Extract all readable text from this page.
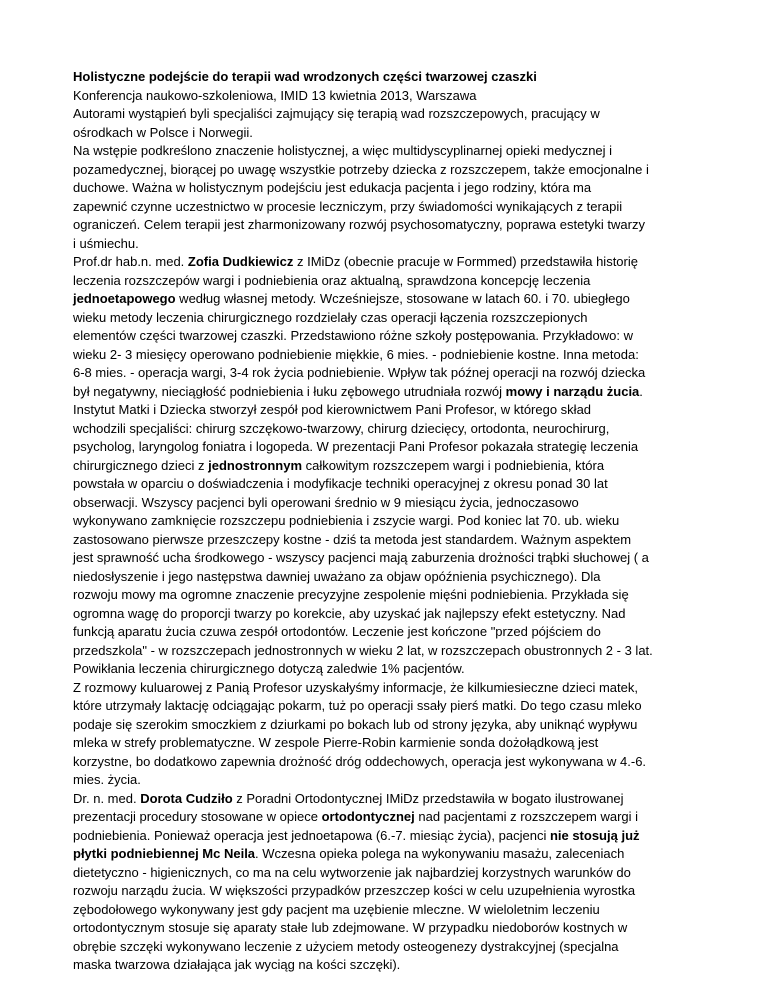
Holistyczne podejście do terapii wad wrodzonych części twarzowej czaszki
Konferencja naukowo-szkoleniowa, IMID 13 kwietnia 2013, Warszawa
Autorami wystąpień byli specjaliści zajmujący się terapią wad rozszczepowych, pracujący w
ośrodkach w Polsce i Norwegii.
Na wstępie podkreślono znaczenie holistycznej, a więc multidyscyplinarnej opieki medycznej i
pozamedycznej, biorącej po uwagę wszystkie potrzeby dziecka z rozszczepem, także emocjonalne i
duchowe. Ważna w holistycznym podejściu jest edukacja pacjenta i jego rodziny, która ma
zapewnić czynne uczestnictwo w procesie leczniczym, przy świadomości wynikających z terapii
ograniczeń. Celem terapii jest zharmonizowany rozwój psychosomatyczny, poprawa estetyki twarzy
i uśmiechu.
Prof.dr hab.n. med. Zofia Dudkiewicz z IMiDz (obecnie pracuje w Formmed) przedstawiła historię
leczenia rozszczepów wargi i podniebienia oraz aktualną, sprawdzona koncepcję leczenia
jednoetapowego według własnej metody. Wcześniejsze, stosowane w latach 60. i 70. ubiegłego
wieku metody leczenia chirurgicznego rozdzielały czas operacji łączenia rozszczepionych
elementów części twarzowej czaszki. Przedstawiono różne szkoły postępowania. Przykładowo: w
wieku 2- 3 miesięcy operowano podniebienie miękkie, 6 mies. - podniebienie kostne. Inna metoda:
6-8 mies. - operacja wargi, 3-4 rok życia podniebienie. Wpływ tak późnej operacji na rozwój dziecka
był negatywny, nieciągłość podniebienia i łuku zębowego utrudniała rozwój mowy i narządu żucia.
Instytut Matki i Dziecka stworzył zespół pod kierownictwem Pani Profesor, w którego skład
wchodzili specjaliści: chirurg szczękowo-twarzowy, chirurg dziecięcy, ortodonta, neurochirurg,
psycholog, laryngolog foniatra i logopeda. W prezentacji Pani Profesor pokazała strategię leczenia
chirurgicznego dzieci z jednostronnym całkowitym rozszczepem wargi i podniebienia, która
powstała w oparciu o doświadczenia i modyfikacje techniki operacyjnej z okresu ponad 30 lat
obserwacji. Wszyscy pacjenci byli operowani średnio w 9 miesiącu życia, jednoczasowo
wykonywano zamknięcie rozszczepu podniebienia i zszycie wargi. Pod koniec lat 70. ub. wieku
zastosowano pierwsze przeszczepy kostne - dziś ta metoda jest standardem. Ważnym aspektem
jest sprawność ucha środkowego - wszyscy pacjenci mają zaburzenia drożności trąbki słuchowej ( a
niedosłyszenie i jego następstwa dawniej uważano za objaw opóźnienia psychicznego). Dla
rozwoju mowy ma ogromne znaczenie precyzyjne zespolenie mięśni podniebienia. Przykłada się
ogromna wagę do proporcji twarzy po korekcie, aby uzyskać jak najlepszy efekt estetyczny. Nad
funkcją aparatu żucia czuwa zespół ortodontów. Leczenie jest kończone "przed pójściem do
przedszkola" - w rozszczepach jednostronnych w wieku 2 lat, w rozszczepach obustronnych 2 - 3 lat.
Powikłania leczenia chirurgicznego dotyczą zaledwie 1% pacjentów.
Z rozmowy kuluarowej z Panią Profesor uzyskałyśmy informacje, że kilkumiesieczne dzieci matek,
które utrzymały laktację odciągając pokarm, tuż po operacji ssały pierś matki. Do tego czasu mleko
podaje się szerokim smoczkiem z dziurkami po bokach lub od strony języka, aby uniknąć wypływu
mleka w strefy problematyczne. W zespole Pierre-Robin karmienie sonda dożołądkową jest
korzystne, bo dodatkowo zapewnia drożność dróg oddechowych, operacja jest wykonywana w 4.-6.
mies. życia.
Dr. n. med. Dorota Cudziło z Poradni Ortodontycznej IMiDz przedstawiła w bogato ilustrowanej
prezentacji procedury stosowane w opiece ortodontycznej nad pacjentami z rozszczepem wargi i
podniebienia. Ponieważ operacja jest jednoetapowa (6.-7. miesiąc życia), pacjenci nie stosują już
płytki podniebiennej Mc Neila. Wczesna opieka polega na wykonywaniu masażu, zaleceniach
dietetyczno - higienicznych, co ma na celu wytworzenie jak najbardziej korzystnych warunków do
rozwoju narządu żucia. W większości przypadków przeszczep kości w celu uzupełnienia wyrostka
zębodołowego wykonywany jest gdy pacjent ma uzębienie mleczne. W wieloletnim leczeniu
ortodontycznym stosuje się aparaty stałe lub zdejmowane. W przypadku niedoborów kostnych w
obrębie szczęki wykonywano leczenie z użyciem metody osteogenezy dystrakcyjnej (specjalna
maska twarzowa działająca jak wyciąg na kości szczęki).
